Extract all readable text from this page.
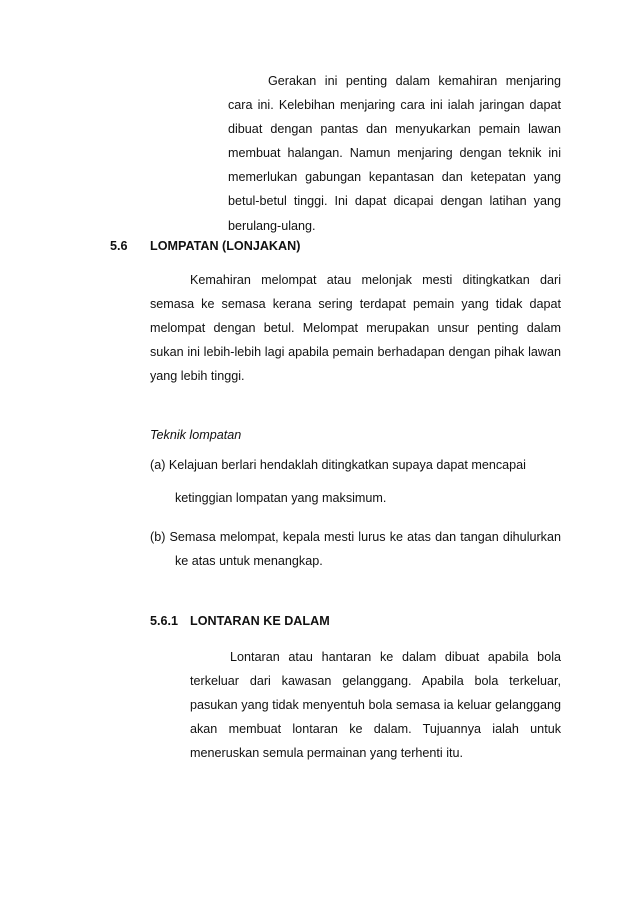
Gerakan ini penting dalam kemahiran menjaring cara ini. Kelebihan menjaring cara ini ialah jaringan dapat dibuat dengan pantas dan menyukarkan pemain lawan membuat halangan. Namun menjaring dengan teknik ini memerlukan gabungan kepantasan dan ketepatan yang betul-betul tinggi. Ini dapat dicapai dengan latihan yang berulang-ulang.

5.6 LOMPATAN (LONJAKAN)

Kemahiran melompat atau melonjak mesti ditingkatkan dari semasa ke semasa kerana sering terdapat pemain yang tidak dapat melompat dengan betul. Melompat merupakan unsur penting dalam sukan ini lebih-lebih lagi apabila pemain berhadapan dengan pihak lawan yang lebih tinggi.

Teknik lompatan
(a) Kelajuan berlari hendaklah ditingkatkan supaya dapat mencapai
ketinggian lompatan yang maksimum.

(b) Semasa melompat, kepala mesti lurus ke atas dan tangan dihulurkan ke atas untuk menangkap.

5.6.1 LONTARAN KE DALAM

Lontaran atau hantaran ke dalam dibuat apabila bola terkeluar dari kawasan gelanggang. Apabila bola terkeluar, pasukan yang tidak menyentuh bola semasa ia keluar gelanggang akan membuat lontaran ke dalam. Tujuannya ialah untuk meneruskan semula permainan yang terhenti itu.
